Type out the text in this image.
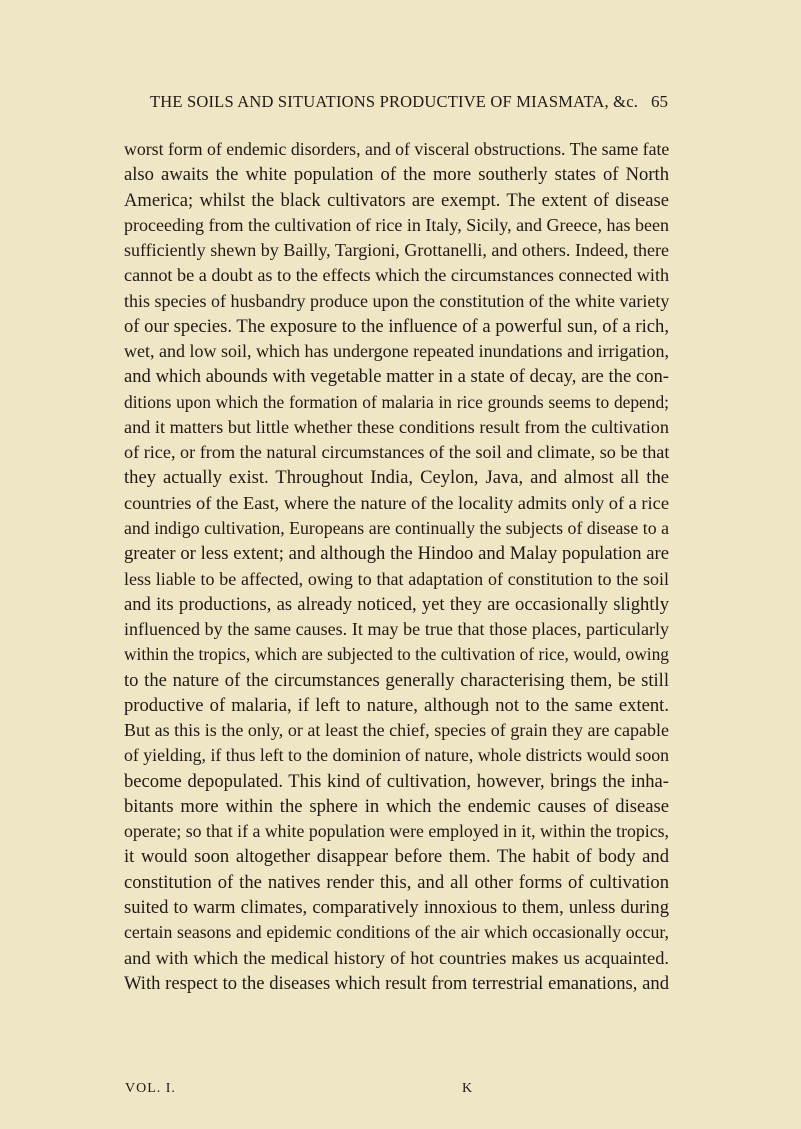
THE SOILS AND SITUATIONS PRODUCTIVE OF MIASMATA, &c. 65
worst form of endemic disorders, and of visceral obstructions. The same fate
also awaits the white population of the more southerly states of North
America; whilst the black cultivators are exempt. The extent of disease
proceeding from the cultivation of rice in Italy, Sicily, and Greece, has been
sufficiently shewn by Bailly, Targioni, Grottanelli, and others. Indeed, there
cannot be a doubt as to the effects which the circumstances connected with
this species of husbandry produce upon the constitution of the white variety
of our species. The exposure to the influence of a powerful sun, of a rich,
wet, and low soil, which has undergone repeated inundations and irrigation,
and which abounds with vegetable matter in a state of decay, are the con-
ditions upon which the formation of malaria in rice grounds seems to depend;
and it matters but little whether these conditions result from the cultivation
of rice, or from the natural circumstances of the soil and climate, so be that
they actually exist. Throughout India, Ceylon, Java, and almost all the
countries of the East, where the nature of the locality admits only of a rice
and indigo cultivation, Europeans are continually the subjects of disease to a
greater or less extent; and although the Hindoo and Malay population are
less liable to be affected, owing to that adaptation of constitution to the soil
and its productions, as already noticed, yet they are occasionally slightly
influenced by the same causes. It may be true that those places, particularly
within the tropics, which are subjected to the cultivation of rice, would, owing
to the nature of the circumstances generally characterising them, be still
productive of malaria, if left to nature, although not to the same extent.
But as this is the only, or at least the chief, species of grain they are capable
of yielding, if thus left to the dominion of nature, whole districts would soon
become depopulated. This kind of cultivation, however, brings the inha-
bitants more within the sphere in which the endemic causes of disease
operate; so that if a white population were employed in it, within the tropics,
it would soon altogether disappear before them. The habit of body and
constitution of the natives render this, and all other forms of cultivation
suited to warm climates, comparatively innoxious to them, unless during
certain seasons and epidemic conditions of the air which occasionally occur,
and with which the medical history of hot countries makes us acquainted.
With respect to the diseases which result from terrestrial emanations, and
VOL. I.	K
